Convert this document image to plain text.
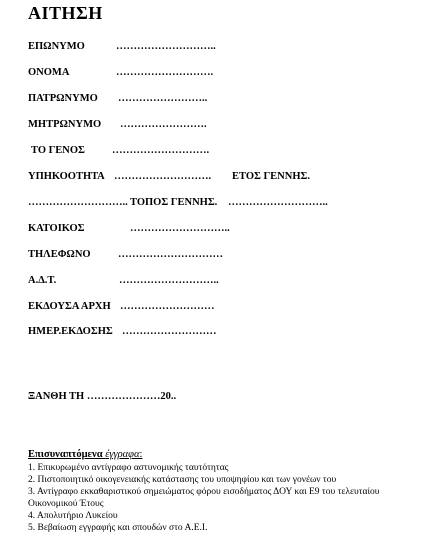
ΑΙΤΗΣΗ
ΕΠΩΝΥΜΟ	………………………..
ΟΝΟΜΑ	……………………….
ΠΑΤΡΩΝΥΜΟ ……………………..
ΜΗΤΡΩΝΥΜΟ …………………….
ΤΟ ΓΕΝΟΣ	……………………….
ΥΠΗΚΟΟΤΗΤΑ ………………………. ΕΤΟΣ ΓΕΝΝΗΣ.
……………………….. ΤΟΠΟΣ ΓΕΝΝΗΣ. ………………………..
ΚΑΤΟΙΚΟΣ	………………………..
ΤΗΛΕΦΩΝΟ	…………………………
Α.Δ.Τ.	………………………..
ΕΚΔΟΥΣΑ ΑΡΧΗ ………………………
ΗΜΕΡ.ΕΚΔΟΣΗΣ ………………………
ΞΑΝΘΗ ΤΗ …………………20..
Επισυναπτόμενα έγγραφα:
1. Επικυρωμένο αντίγραφο αστυνομικής ταυτότητας
2. Πιστοποιητικό οικογενειακής κατάστασης του υποψηφίου και των γονέων του
3. Αντίγραφο εκκαθαριστικού σημειώματος φόρου εισοδήματος ΔΟΥ και Ε9 του τελευταίου Οικονομικού Έτους
4. Απολυτήριο Λυκείου
5. Βεβαίωση εγγραφής και σπουδών στο Α.Ε.Ι.
